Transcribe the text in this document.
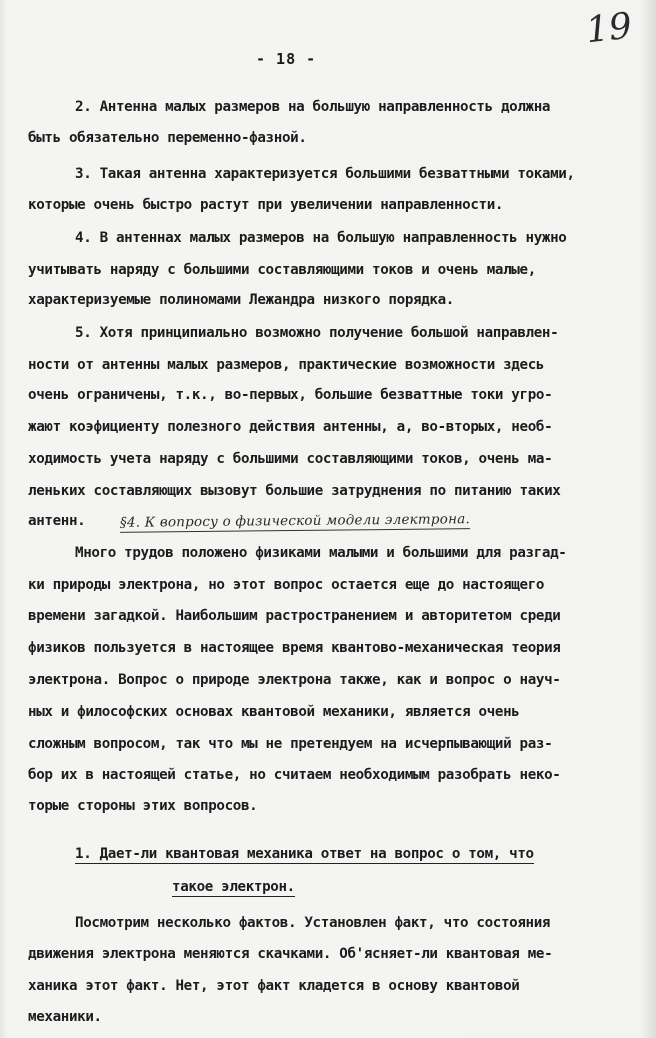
19
- 18 -
2. Антенна малых размеров на большую направленность должна
быть обязательно переменно-фазной.
3. Такая антенна характеризуется большими безваттными токами,
которые очень быстро растут при увеличении направленности.
4. В антеннах малых размеров на большую направленность нужно
учитывать наряду с большими составляющими токов и очень малые,
характеризуемые полиномами Лежандра низкого порядка.
5. Хотя принципиально возможно получение большой направлен-
ности от антенны малых размеров, практические возможности здесь
очень ограничены, т.к., во-первых, большие безваттные токи угро-
жают коэфициенту полезного действия антенны, а, во-вторых, необ-
ходимость учета наряду с большими составляющими токов, очень ма-
леньких составляющих вызовут большие затруднения по питанию таких
антенн.	§4. К вопросу о физической модели электрона.
Много трудов положено физиками малыми и большими для разгад-
ки природы электрона, но этот вопрос остается еще до настоящего
времени загадкой. Наибольшим растространением и авторитетом среди
физиков пользуется в настоящее время квантово-механическая теория
электрона. Вопрос о природе электрона также, как и вопрос о науч-
ных и философских основах квантовой механики, является очень
сложным вопросом, так что мы не претендуем на исчерпывающий раз-
бор их в настоящей статье, но считаем необходимым разобрать неко-
торые стороны этих вопросов.
1. Дает-ли квантовая механика ответ на вопрос о том, что
такое электрон.
Посмотрим несколько фактов. Установлен факт, что состояния
движения электрона меняются скачками. Об'ясняет-ли квантовая ме-
ханика этот факт. Нет, этот факт кладется в основу квантовой
механики.
